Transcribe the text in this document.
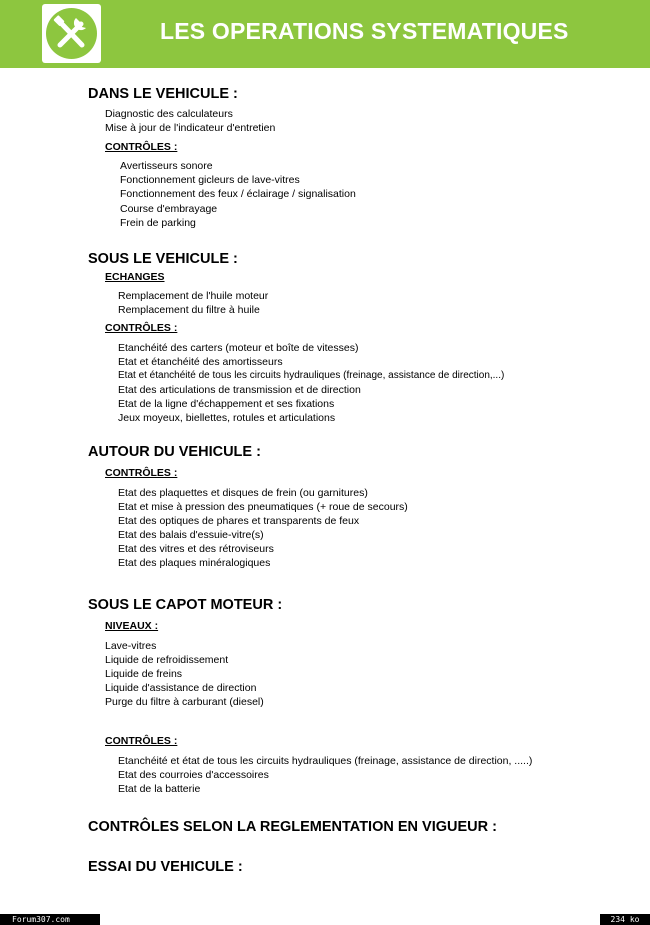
LES OPERATIONS SYSTEMATIQUES
DANS LE VEHICULE :
Diagnostic des calculateurs
Mise à jour de l'indicateur d'entretien
CONTRÔLES :
Avertisseurs sonore
Fonctionnement gicleurs de lave-vitres
Fonctionnement des feux / éclairage / signalisation
Course d'embrayage
Frein de parking
SOUS LE VEHICULE :
ECHANGES
Remplacement de l'huile moteur
Remplacement du filtre à huile
CONTRÔLES :
Etanchéité des carters (moteur et boîte de vitesses)
Etat et étanchéité des amortisseurs
Etat et étanchéité de tous les circuits hydrauliques (freinage, assistance de direction,...)
Etat des articulations de transmission et de direction
Etat de la ligne d'échappement et ses fixations
Jeux moyeux, biellettes, rotules et articulations
AUTOUR DU VEHICULE :
CONTRÔLES :
Etat des plaquettes et disques de frein (ou garnitures)
Etat et mise à pression des pneumatiques (+ roue de secours)
Etat des optiques de phares et transparents de feux
Etat des balais d'essuie-vitre(s)
Etat des vitres et des rétroviseurs
Etat des plaques minéralogiques
SOUS LE CAPOT MOTEUR :
NIVEAUX :
Lave-vitres
Liquide de refroidissement
Liquide de freins
Liquide d'assistance de direction
Purge du filtre à carburant (diesel)
CONTRÔLES :
Etanchéité et état de tous les circuits hydrauliques (freinage, assistance de direction, .....)
Etat des courroies d'accessoires
Etat de la batterie
CONTRÔLES SELON LA REGLEMENTATION EN VIGUEUR :
ESSAI DU VEHICULE :
Forum307.com	234 ko
